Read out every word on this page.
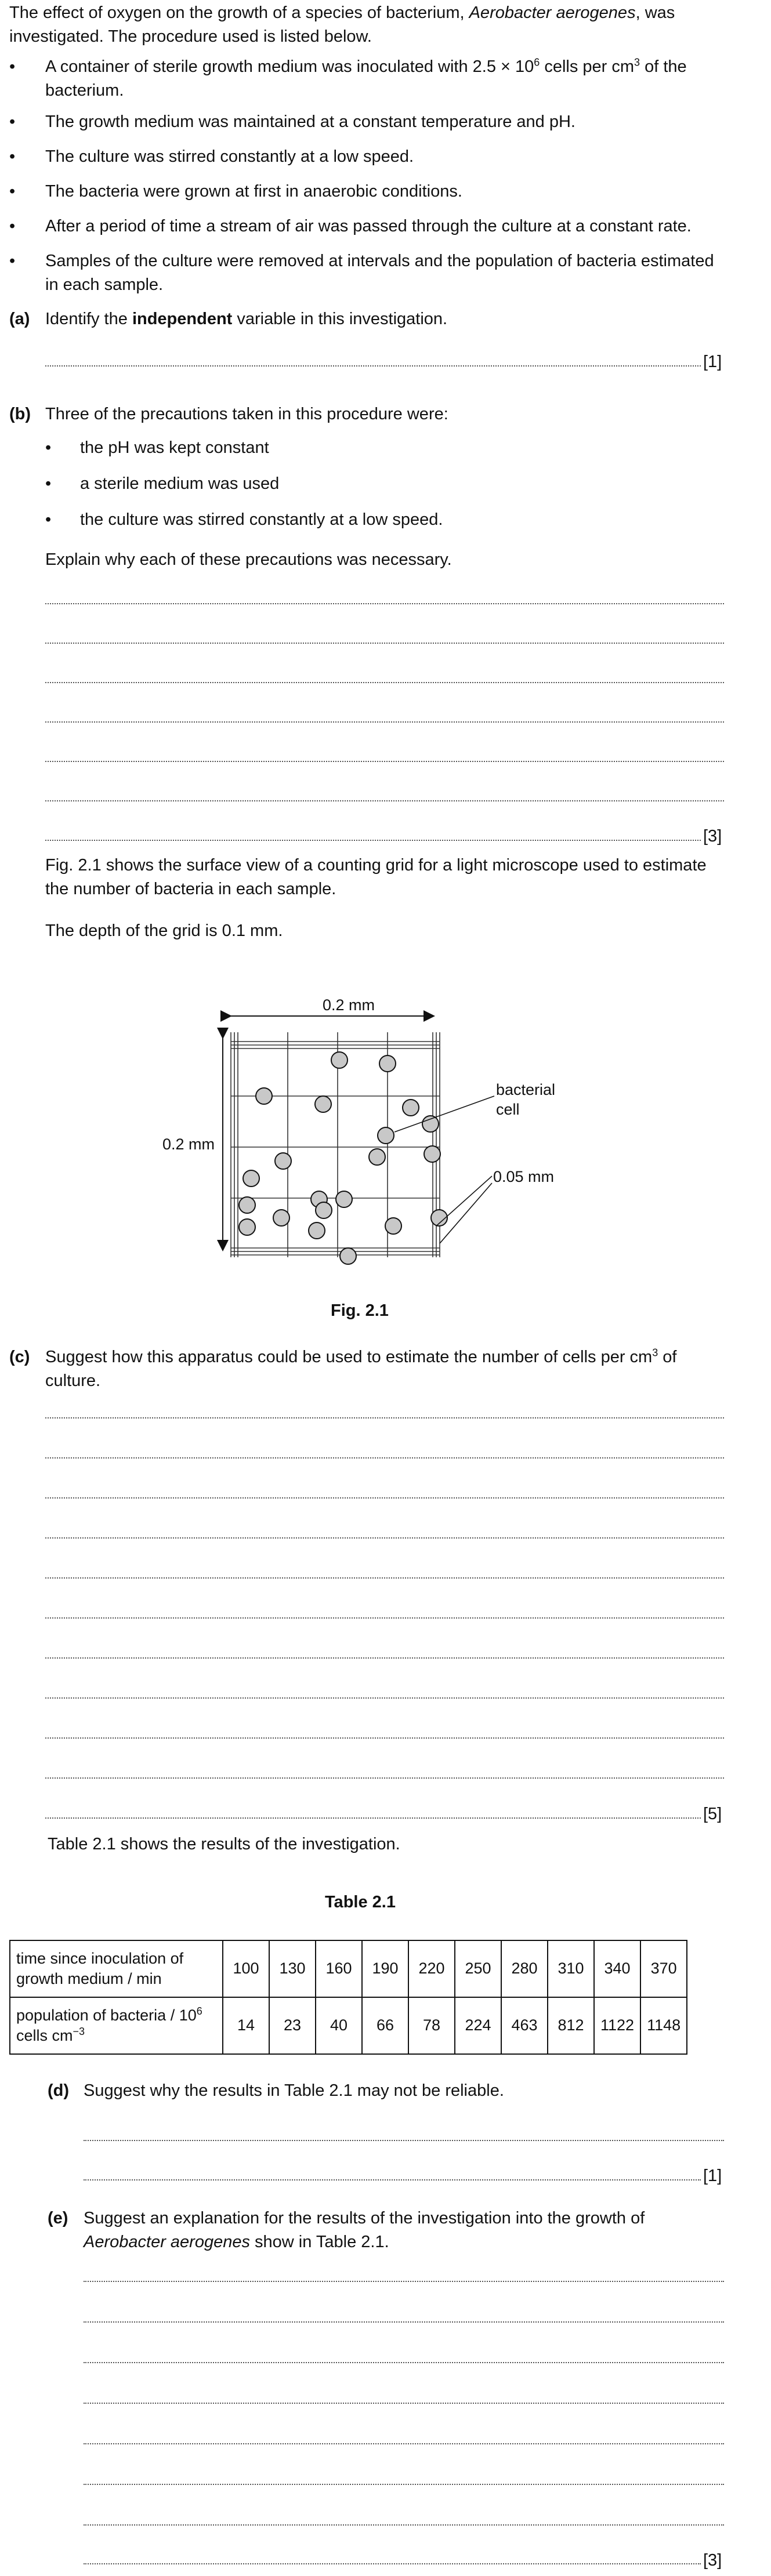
The effect of oxygen on the growth of a species of bacterium, Aerobacter aerogenes, was investigated. The procedure used is listed below.

• A container of sterile growth medium was inoculated with $2.5 \times 10^6$ cells per $cm^3$ of the bacterium.
• The growth medium was maintained at a constant temperature and pH.
• The culture was stirred constantly at a low speed.
• The bacteria were grown at first in anaerobic conditions.
• After a period of time a stream of air was passed through the culture at a constant rate.
• Samples of the culture were removed at intervals and the population of bacteria estimated in each sample.
(a) Identify the independent variable in this investigation.
[1]
(b) Three of the precautions taken in this procedure were:
• the pH was kept constant
• a sterile medium was used
• the culture was stirred constantly at a low speed.

Explain why each of these precautions was necessary.

[3]

Fig. 2.1 shows the surface view of a counting grid for a light microscope used to estimate the number of bacteria in each sample.

The depth of the grid is 0.1 mm.

0.2 mm
0.2 mm
bacterial
cell
0.05 mm
Fig. 2.1
(c) Suggest how this apparatus could be used to estimate the number of cells per $cm^3$ of culture.
[5]

Table 2.1 shows the results of the investigation.

Table 2.1
time since inoculation of growth medium / min	100	130	160	190	220	250	280	310	340	370
population of bacteria / $10^6$ cells $cm^{-3}$	14	23	40	66	78	224	463	812	1122	1148
(d) Suggest why the results in Table 2.1 may not be reliable.
[1]
(e) Suggest an explanation for the results of the investigation into the growth of Aerobacter aerogenes show in Table 2.1.
[3]
